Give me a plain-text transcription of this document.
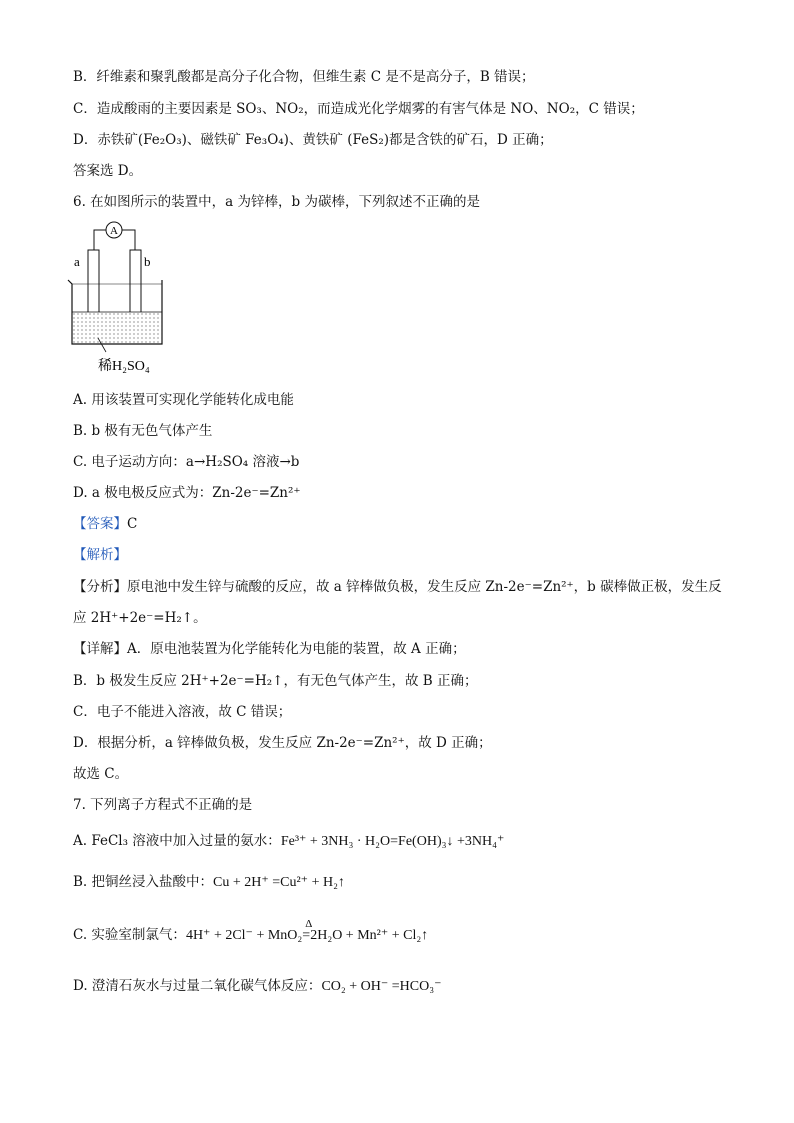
B．纤维素和聚乳酸都是高分子化合物，但维生素 C 是不是高分子，B 错误；
C．造成酸雨的主要因素是 SO₃、NO₂，而造成光化学烟雾的有害气体是 NO、NO₂，C 错误；
D．赤铁矿(Fe₂O₃)、磁铁矿 Fe₃O₄)、黄铁矿 (FeS₂)都是含铁的矿石，D 正确；
答案选 D。
6. 在如图所示的装置中，a 为锌棒，b 为碳棒，下列叙述不正确的是
A
a	b
稀H₂SO₄
A. 用该装置可实现化学能转化成电能
B. b 极有无色气体产生
C. 电子运动方向：a→H₂SO₄ 溶液→b
D. a 极电极反应式为：Zn-2e⁻=Zn²⁺
【答案】C
【解析】
【分析】原电池中发生锌与硫酸的反应，故 a 锌棒做负极，发生反应 Zn-2e⁻=Zn²⁺，b 碳棒做正极，发生反
应 2H⁺+2e⁻=H₂↑。
【详解】A．原电池装置为化学能转化为电能的装置，故 A 正确；
B．b 极发生反应 2H⁺+2e⁻=H₂↑，有无色气体产生，故 B 正确；
C．电子不能进入溶液，故 C 错误；
D．根据分析，a 锌棒做负极，发生反应 Zn-2e⁻=Zn²⁺，故 D 正确；
故选 C。
7. 下列离子方程式不正确的是
A. FeCl₃ 溶液中加入过量的氨水：Fe³⁺ + 3NH₃ · H₂O=Fe(OH)₃↓ +3NH₄⁺
B. 把铜丝浸入盐酸中：Cu + 2H⁺ =Cu²⁺ + H₂↑
C. 实验室制氯气：4H⁺ + 2Cl⁻ + MnO₂
Δ
=2H₂O + Mn²⁺ + Cl₂↑
D. 澄清石灰水与过量二氧化碳气体反应：CO₂ + OH⁻ =HCO₃⁻
